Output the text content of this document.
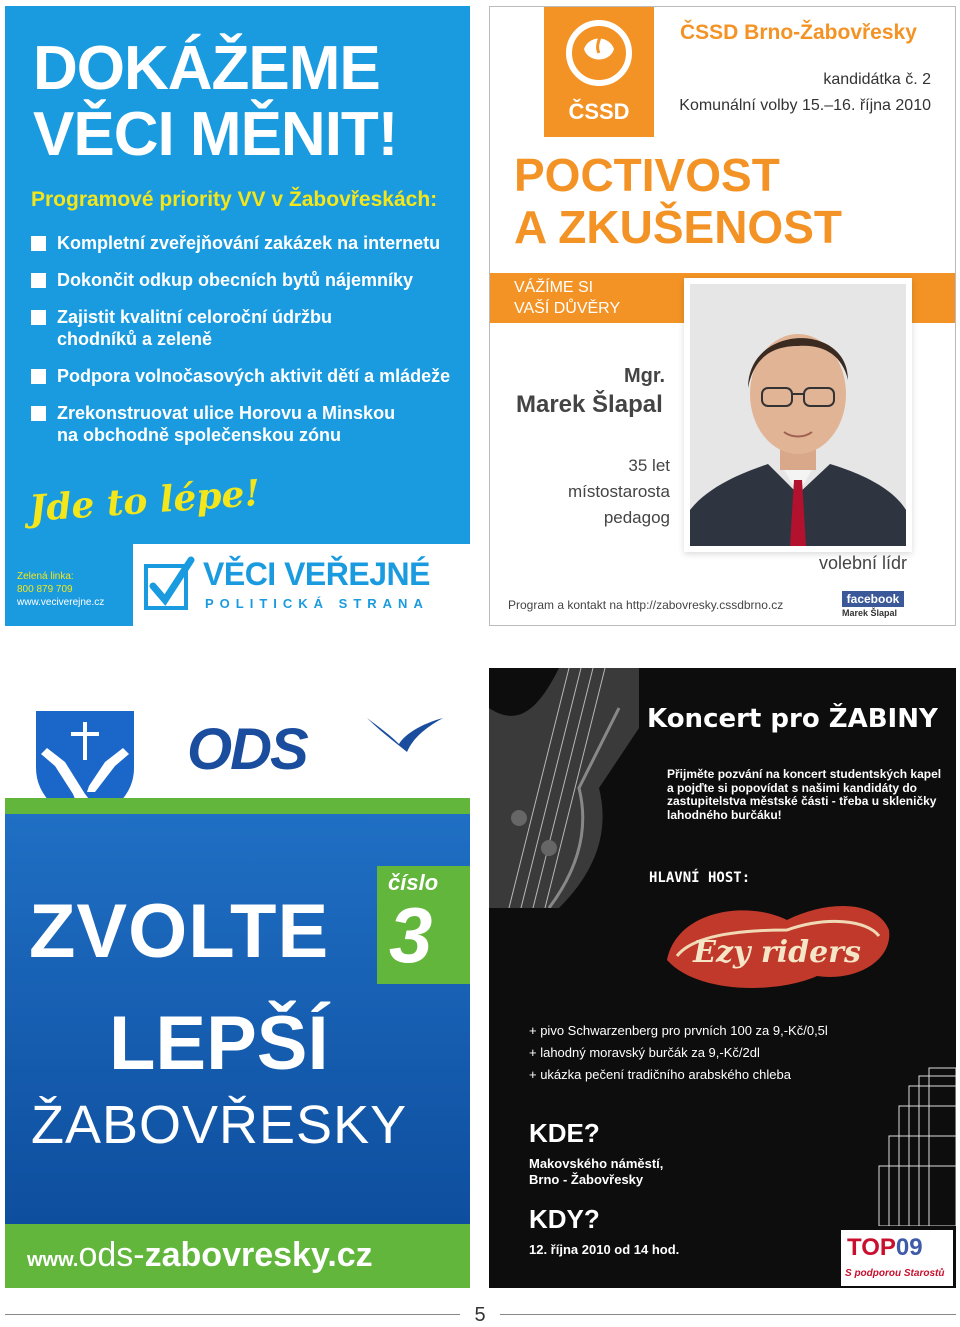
DOKÁŽEME
VĚCI MĚNIT!
Programové priority VV v Žabovřeskách:
Kompletní zveřejňování zakázek na internetu
Dokončit odkup obecních bytů nájemníky
Zajistit kvalitní celoroční údržbu chodníků a zeleně
Podpora volnočasových aktivit dětí a mládeže
Zrekonstruovat ulice Horovu a Minskou na obchodně společenskou zónu
Jde to lépe!
Zelená linka:
800 879 709
www.veciverejne.cz
VĚCI VEŘEJNÉ
POLITICKÁ STRANA
ČSSD
ČSSD Brno-Žabovřesky
kandidátka č. 2
Komunální volby 15.–16. října 2010
POCTIVOST
A ZKUŠENOST
VÁŽÍME SI
VAŠÍ DŮVĚRY
Mgr.
Marek Šlapal
35 let
místostarosta
pedagog
volební lídr
Program a kontakt na http://zabovresky.cssdbrno.cz	facebook
Marek Šlapal
ODS
číslo
3
ZVOLTE
LEPŠÍ
ŽABOVŘESKY
www.ods-zabovresky.cz
Koncert pro ŽABINY
Přijměte pozvání na koncert studentských kapel a pojďte si popovídat s našimi kandidáty do zastupitelstva městské části - třeba u skleničky lahodného burčáku!
HLAVNÍ HOST:
Ezy riders
+ pivo Schwarzenberg pro prvních 100 za 9,-Kč/0,5l
+ lahodný moravský burčák za 9,-Kč/2dl
+ ukázka pečení tradičního arabského chleba
KDE?
Makovského náměstí,
Brno - Žabovřesky
KDY?
12. října 2010 od 14 hod.	TOP09
S podporou Starostů
5
